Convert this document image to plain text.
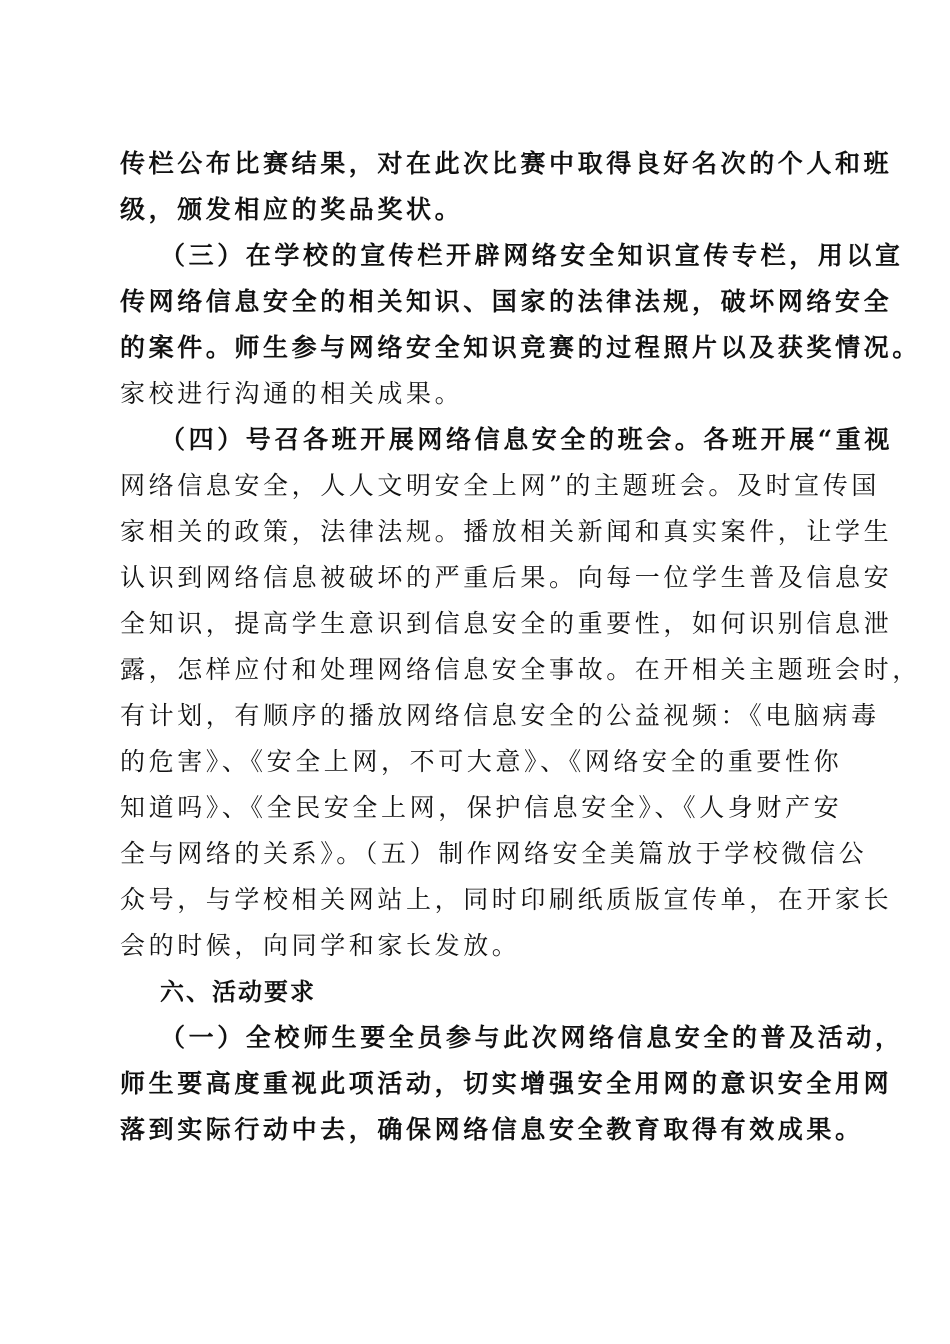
传栏公布比赛结果，对在此次比赛中取得良好名次的个人和班
级，颁发相应的奖品奖状。
（三）在学校的宣传栏开辟网络安全知识宣传专栏，用以宣
传网络信息安全的相关知识、国家的法律法规，破坏网络安全
的案件。师生参与网络安全知识竞赛的过程照片以及获奖情况。
家校进行沟通的相关成果。
（四）号召各班开展网络信息安全的班会。各班开展“重视
网络信息安全，人人文明安全上网”的主题班会。及时宣传国
家相关的政策，法律法规。播放相关新闻和真实案件，让学生
认识到网络信息被破坏的严重后果。向每一位学生普及信息安
全知识，提高学生意识到信息安全的重要性，如何识别信息泄
露，怎样应付和处理网络信息安全事故。在开相关主题班会时，
有计划，有顺序的播放网络信息安全的公益视频：《电脑病毒
的危害》、《安全上网，不可大意》、《网络安全的重要性你
知道吗》、《全民安全上网，保护信息安全》、《人身财产安
全与网络的关系》。（五）制作网络安全美篇放于学校微信公
众号，与学校相关网站上，同时印刷纸质版宣传单，在开家长
会的时候，向同学和家长发放。
六、活动要求
（一）全校师生要全员参与此次网络信息安全的普及活动，
师生要高度重视此项活动，切实增强安全用网的意识安全用网
落到实际行动中去，确保网络信息安全教育取得有效成果。
